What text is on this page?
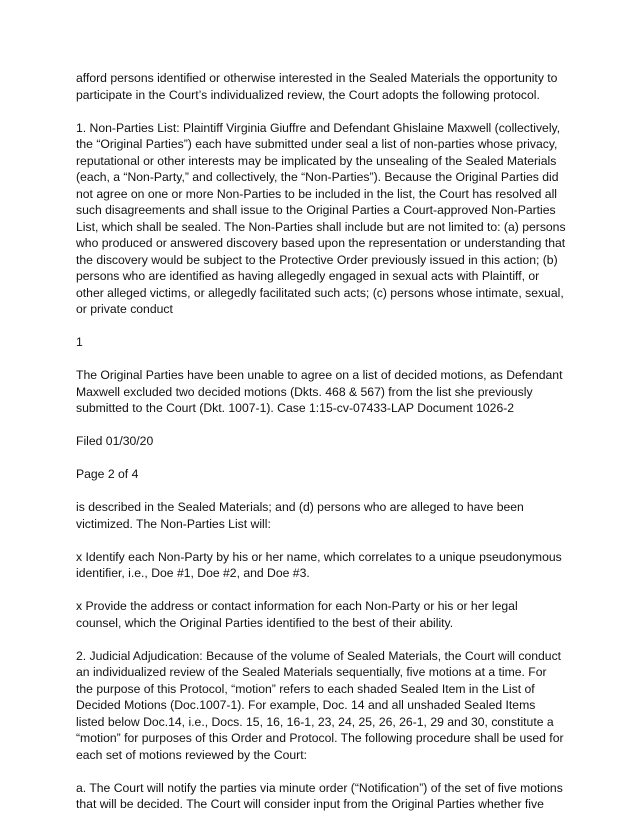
afford persons identified or otherwise interested in the Sealed Materials the opportunity to participate in the Court’s individualized review, the Court adopts the following protocol.

1. Non-Parties List: Plaintiff Virginia Giuffre and Defendant Ghislaine Maxwell (collectively, the “Original Parties”) each have submitted under seal a list of non-parties whose privacy, reputational or other interests may be implicated by the unsealing of the Sealed Materials (each, a “Non-Party,” and collectively, the “Non-Parties”). Because the Original Parties did not agree on one or more Non-Parties to be included in the list, the Court has resolved all such disagreements and shall issue to the Original Parties a Court-approved Non-Parties List, which shall be sealed. The Non-Parties shall include but are not limited to: (a) persons who produced or answered discovery based upon the representation or understanding that the discovery would be subject to the Protective Order previously issued in this action; (b) persons who are identified as having allegedly engaged in sexual acts with Plaintiff, or other alleged victims, or allegedly facilitated such acts; (c) persons whose intimate, sexual, or private conduct

1

The Original Parties have been unable to agree on a list of decided motions, as Defendant Maxwell excluded two decided motions (Dkts. 468 & 567) from the list she previously submitted to the Court (Dkt. 1007-1). Case 1:15-cv-07433-LAP Document 1026-2

Filed 01/30/20

Page 2 of 4

is described in the Sealed Materials; and (d) persons who are alleged to have been victimized. The Non-Parties List will:

x Identify each Non-Party by his or her name, which correlates to a unique pseudonymous identifier, i.e., Doe #1, Doe #2, and Doe #3.

x Provide the address or contact information for each Non-Party or his or her legal counsel, which the Original Parties identified to the best of their ability.

2. Judicial Adjudication: Because of the volume of Sealed Materials, the Court will conduct an individualized review of the Sealed Materials sequentially, five motions at a time. For the purpose of this Protocol, “motion” refers to each shaded Sealed Item in the List of Decided Motions (Doc.1007-1). For example, Doc. 14 and all unshaded Sealed Items listed below Doc.14, i.e., Docs. 15, 16, 16-1, 23, 24, 25, 26, 26-1, 29 and 30, constitute a “motion” for purposes of this Order and Protocol. The following procedure shall be used for each set of motions reviewed by the Court:

a. The Court will notify the parties via minute order (“Notification”) of the set of five motions that will be decided. The Court will consider input from the Original Parties whether five
